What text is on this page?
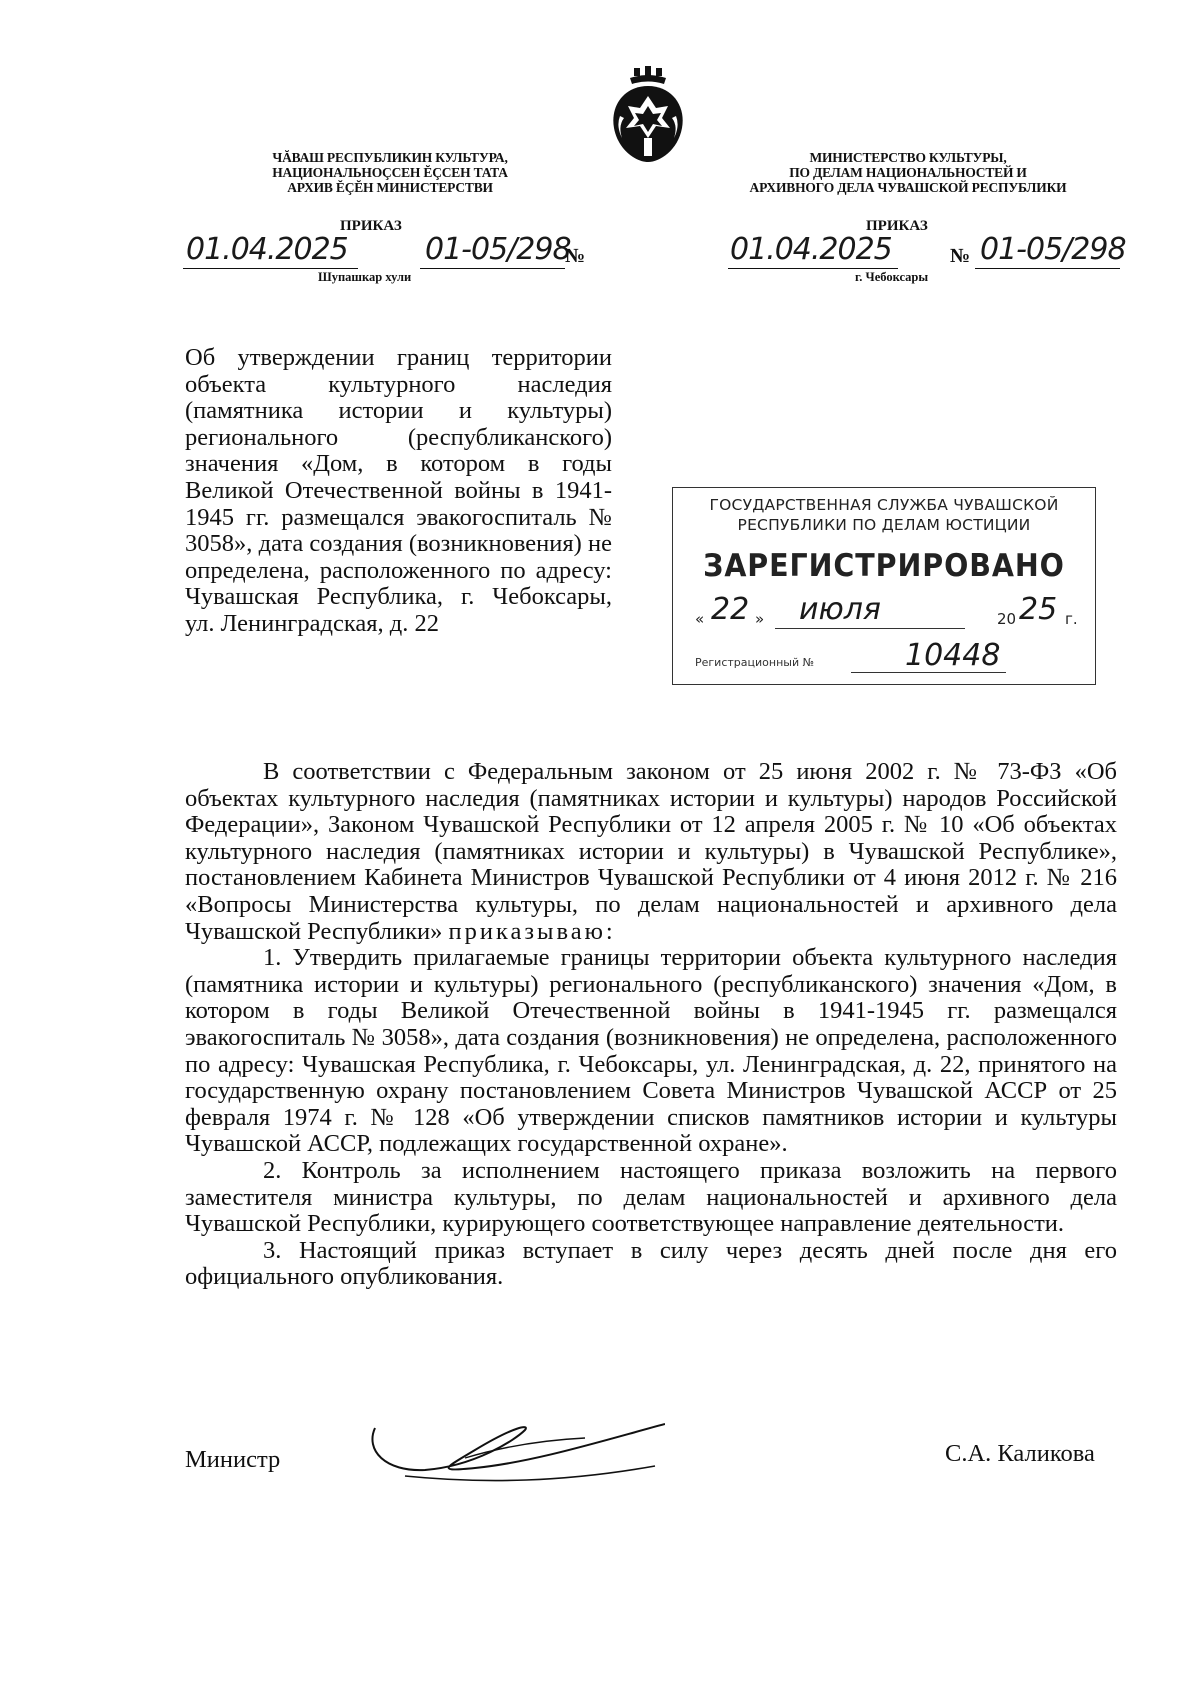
ЧĂВАШ РЕСПУБЛИКИН КУЛЬТУРА,
НАЦИОНАЛЬНОÇСЕН ĔÇСЕН ТАТА
АРХИВ ĔÇĔН МИНИСТЕРСТВИ
МИНИСТЕРСТВО КУЛЬТУРЫ,
ПО ДЕЛАМ НАЦИОНАЛЬНОСТЕЙ И
АРХИВНОГО ДЕЛА ЧУВАШСКОЙ РЕСПУБЛИКИ
ПРИКАЗ
01.04.2025	01-05/298
№
Шупашкар хули
ПРИКАЗ
01.04.2025	№ 01-05/298
г. Чебоксары
Об утверждении границ территории объекта культурного наследия (памятника истории и культуры) регионального (республиканского) значения «Дом, в котором в годы Великой Отечественной войны в 1941-1945 гг. размещался эвакогоспиталь № 3058», дата создания (возникновения) не определена, расположенного по адресу: Чувашская Республика, г. Чебоксары, ул. Ленинградская, д. 22
ГОСУДАРСТВЕННАЯ СЛУЖБА ЧУВАШСКОЙ
РЕСПУБЛИКИ ПО ДЕЛАМ ЮСТИЦИИ
ЗАРЕГИСТРИРОВАНО
« 22 » июля	20 25 г.
Регистрационный №	10448

В соответствии с Федеральным законом от 25 июня 2002 г. № 73-ФЗ «Об объектах культурного наследия (памятниках истории и культуры) народов Российской Федерации», Законом Чувашской Республики от 12 апреля 2005 г. № 10 «Об объектах культурного наследия (памятниках истории и культуры) в Чувашской Республике», постановлением Кабинета Министров Чувашской Республики от 4 июня 2012 г. № 216 «Вопросы Министерства культуры, по делам национальностей и архивного дела Чувашской Республики» приказываю:

1. Утвердить прилагаемые границы территории объекта культурного наследия (памятника истории и культуры) регионального (республиканского) значения «Дом, в котором в годы Великой Отечественной войны в 1941-1945 гг. размещался эвакогоспиталь № 3058», дата создания (возникновения) не определена, расположенного по адресу: Чувашская Республика, г. Чебоксары, ул. Ленинградская, д. 22, принятого на государственную охрану постановлением Совета Министров Чувашской АССР от 25 февраля 1974 г. № 128 «Об утверждении списков памятников истории и культуры Чувашской АССР, подлежащих государственной охране».

2. Контроль за исполнением настоящего приказа возложить на первого заместителя министра культуры, по делам национальностей и архивного дела Чувашской Республики, курирующего соответствующее направление деятельности.

3. Настоящий приказ вступает в силу через десять дней после дня его официального опубликования.

Министр	С.А. Каликова
